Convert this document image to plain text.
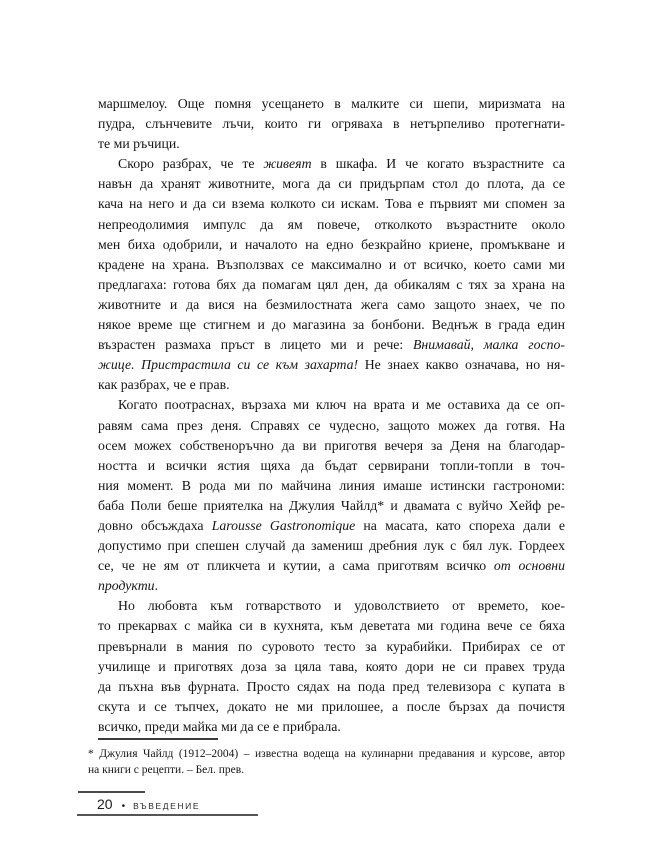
маршмелоу. Още помня усещането в малките си шепи, миризмата на
пудра, слънчевите лъчи, които ги огряваха в нетърпеливо протегнати-
те ми ръчици.
Скоро разбрах, че те живеят в шкафа. И че когато възрастните са
навън да хранят животните, мога да си придърпам стол до плота, да се
кача на него и да си взема колкото си искам. Това е първият ми спомен за
непреодолимия импулс да ям повече, отколкото възрастните около
мен биха одобрили, и началото на едно безкрайно криене, промъкване и
крадене на храна. Възползвах се максимално и от всичко, което сами ми
предлагаха: готова бях да помагам цял ден, да обикалям с тях за храна на
животните и да вися на безмилостната жега само защото знаех, че по
някое време ще стигнем и до магазина за бонбони. Веднъж в града един
възрастен размаха пръст в лицето ми и рече: Внимавай, малка госпо-
жице. Пристрастила си се към захарта! Не знаех какво означава, но ня-
как разбрах, че е прав.
Когато поотраснах, вързаха ми ключ на врата и ме оставиха да се оп-
равям сама през деня. Справях се чудесно, защото можех да готвя. На
осем можех собственоръчно да ви приготвя вечеря за Деня на благодар-
ността и всички ястия щяха да бъдат сервирани топли-топли в точ-
ния момент. В рода ми по майчина линия имаше истински гастрономи:
баба Поли беше приятелка на Джулия Чайлд* и двамата с вуйчо Хейф ре-
довно обсъждаха Larousse Gastronomique на масата, като спореха дали е
допустимо при спешен случай да замениш дребния лук с бял лук. Гордеех
се, че не ям от пликчета и кутии, а сама приготвям всичко от основни
продукти.
Но любовта към готварството и удоволствието от времето, кое-
то прекарвах с майка си в кухнята, към деветата ми година вече се бяха
превърнали в мания по суровото тесто за курабийки. Прибирах се от
училище и приготвях доза за цяла тава, която дори не си правех труда
да пъхна във фурната. Просто сядах на пода пред телевизора с купата в
скута и се тъпчех, докато не ми прилошее, а после бързах да почистя
всичко, преди майка ми да се е прибрала.
* Джулия Чайлд (1912–2004) – известна водеща на кулинарни предавания и курсове, автор
на книги с рецепти. – Бел. прев.
20 • ВЪВЕДЕНИЕ
